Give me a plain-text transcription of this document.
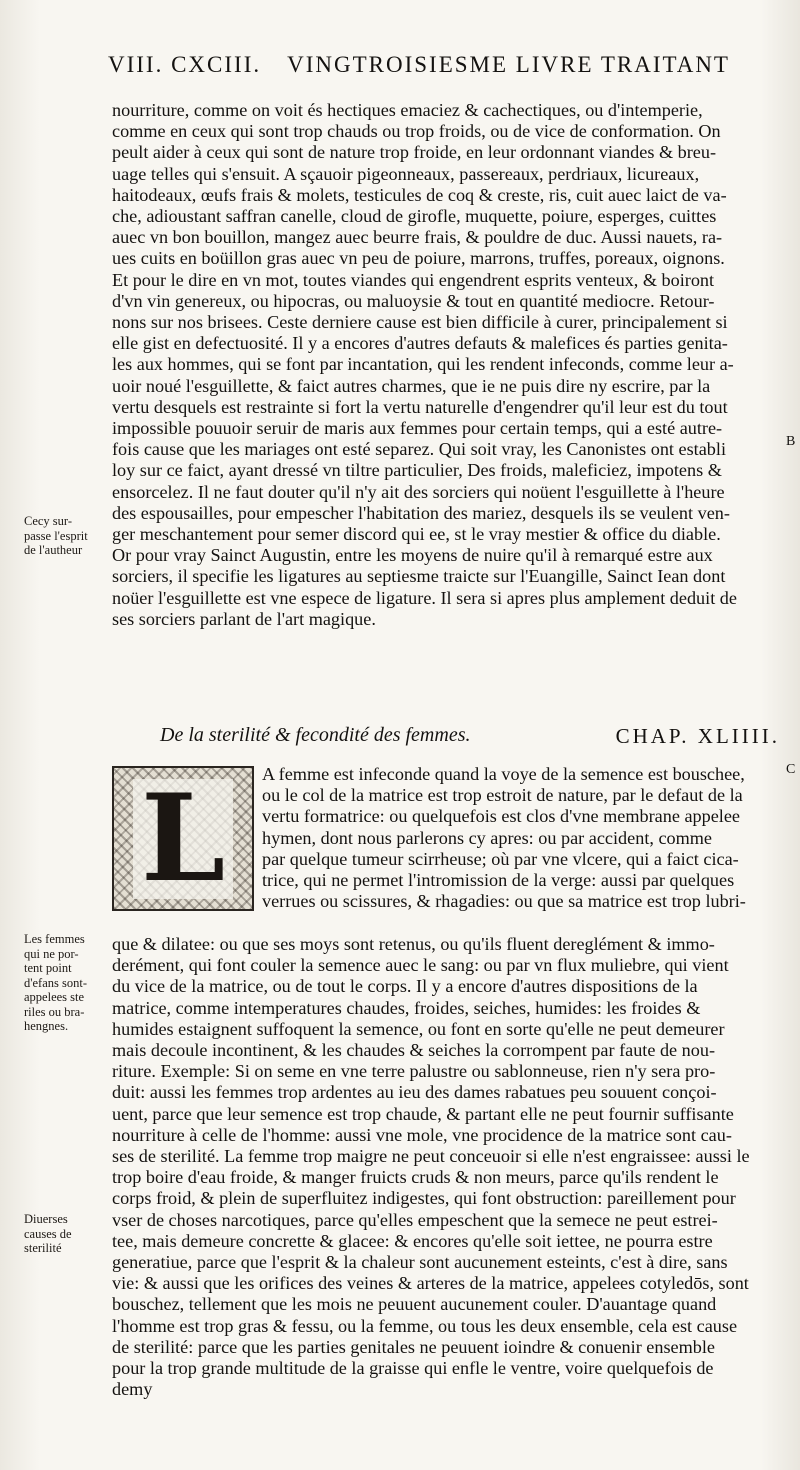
VIII. CXCIII. VINGTROISIESME LIVRE TRAITANT
nourriture, comme on voit és hectiques emaciez & cachectiques, ou d'intemperie,
comme en ceux qui sont trop chauds ou trop froids, ou de vice de conformation. On
peult aider à ceux qui sont de nature trop froide, en leur ordonnant viandes & breu-
uage telles qui s'ensuit. A sçauoir pigeonneaux, passereaux, perdriaux, licureaux,
haitodeaux, œufs frais & molets, testicules de coq & creste, ris, cuit auec laict de va-
che, adioustant saffran canelle, cloud de girofle, muquette, poiure, esperges, cuittes
auec vn bon bouillon, mangez auec beurre frais, & pouldre de duc. Aussi nauets, ra-
ues cuits en boüillon gras auec vn peu de poiure, marrons, truffes, poreaux, oignons.
Et pour le dire en vn mot, toutes viandes qui engendrent esprits venteux, & boiront
d'vn vin genereux, ou hipocras, ou maluoysie & tout en quantité mediocre. Retour-
nons sur nos brisees. Ceste derniere cause est bien difficile à curer, principalement si
elle gist en defectuosité. Il y a encores d'autres defauts & malefices és parties genita-
les aux hommes, qui se font par incantation, qui les rendent infeconds, comme leur a-
uoir noué l'esguillette, & faict autres charmes, que ie ne puis dire ny escrire, par la
vertu desquels est restrainte si fort la vertu naturelle d'engendrer qu'il leur est du tout
impossible pouuoir seruir de maris aux femmes pour certain temps, qui a esté autre-
fois cause que les mariages ont esté separez. Qui soit vray, les Canonistes ont establi
loy sur ce faict, ayant dressé vn tiltre particulier, Des froids, maleficiez, impotens &
ensorcelez. Il ne faut douter qu'il n'y ait des sorciers qui noüent l'esguillette à l'heure
des espousailles, pour empescher l'habitation des mariez, desquels ils se veulent ven-
ger meschantement pour semer discord qui ee, st le vray mestier & office du diable.
Or pour vray Sainct Augustin, entre les moyens de nuire qu'il à remarqué estre aux
sorciers, il specifie les ligatures au septiesme traicte sur l'Euangille, Sainct Iean dont
noüer l'esguillette est vne espece de ligature. Il sera si apres plus amplement deduit de
ses sorciers parlant de l'art magique.
Cecy sur-
passe l'esprit
de l'autheur
B
De la sterilité & fecondité des femmes.	CHAP. XLIIII.
C
L	A femme est infeconde quand la voye de la semence est bouschee,
ou le col de la matrice est trop estroit de nature, par le defaut de la
vertu formatrice: ou quelquefois est clos d'vne membrane appelee
hymen, dont nous parlerons cy apres: ou par accident, comme
par quelque tumeur scirrheuse; où par vne vlcere, qui a faict cica-
trice, qui ne permet l'intromission de la verge: aussi par quelques
verrues ou scissures, & rhagadies: ou que sa matrice est trop lubri-
Les femmes
qui ne por-
tent point
d'efans sont-
appelees ste
riles ou bra-
hengnes.
que & dilatee: ou que ses moys sont retenus, ou qu'ils fluent dereglément & immo-
derément, qui font couler la semence auec le sang: ou par vn flux muliebre, qui vient
du vice de la matrice, ou de tout le corps. Il y a encore d'autres dispositions de la
matrice, comme intemperatures chaudes, froides, seiches, humides: les froides &
humides estaignent suffoquent la semence, ou font en sorte qu'elle ne peut demeurer
mais decoule incontinent, & les chaudes & seiches la corrompent par faute de nou-
riture. Exemple: Si on seme en vne terre palustre ou sablonneuse, rien n'y sera pro-
duit: aussi les femmes trop ardentes au ieu des dames rabatues peu souuent conçoi-
uent, parce que leur semence est trop chaude, & partant elle ne peut fournir suffisante
nourriture à celle de l'homme: aussi vne mole, vne procidence de la matrice sont cau-
ses de sterilité. La femme trop maigre ne peut conceuoir si elle n'est engraissee: aussi le
trop boire d'eau froide, & manger fruicts cruds & non meurs, parce qu'ils rendent le
corps froid, & plein de superfluitez indigestes, qui font obstruction: pareillement pour
vser de choses narcotiques, parce qu'elles empeschent que la semece ne peut estrei-
tee, mais demeure concrette & glacee: & encores qu'elle soit iettee, ne pourra estre
generatiue, parce que l'esprit & la chaleur sont aucunement esteints, c'est à dire, sans
vie: & aussi que les orifices des veines & arteres de la matrice, appelees cotyledōs, sont
bouschez, tellement que les mois ne peuuent aucunement couler. D'auantage quand
l'homme est trop gras & fessu, ou la femme, ou tous les deux ensemble, cela est cause
de sterilité: parce que les parties genitales ne peuuent ioindre & conuenir ensemble
pour la trop grande multitude de la graisse qui enfle le ventre, voire quelquefois de
demy
Diuerses
causes de
sterilité
